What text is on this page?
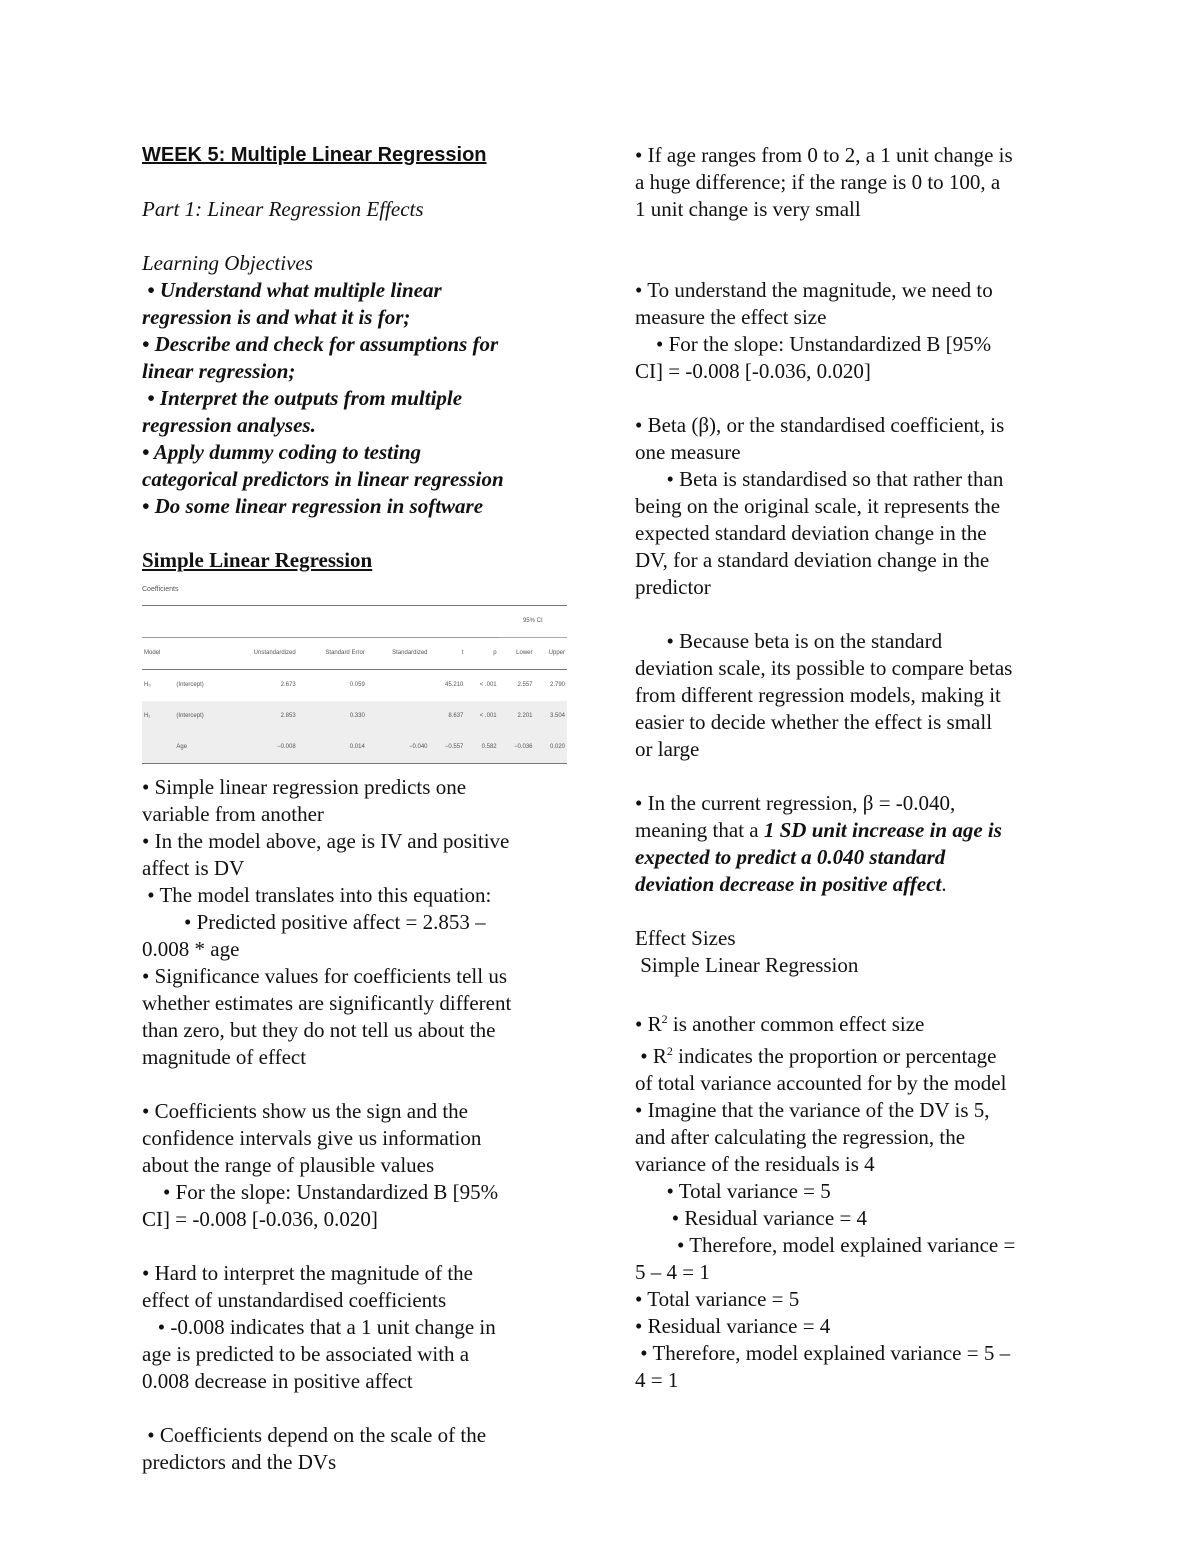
WEEK 5: Multiple Linear Regression
Part 1: Linear Regression Effects
Learning Objectives
• Understand what multiple linear
regression is and what it is for;
• Describe and check for assumptions for
linear regression;
• Interpret the outputs from multiple
regression analyses.
• Apply dummy coding to testing
categorical predictors in linear regression
• Do some linear regression in software
Simple Linear Regression
Coefficients
							95% CI	
Model		Unstandardized	Standard Error	Standardized	t	p	Lower	Upper
H₀	(Intercept)	2.673	0.059		45.210	< .001	2.557	2.790
H₁	(Intercept)	2.853	0.330		8.637	< .001	2.201	3.504
	Age	−0.008	0.014	−0.040	−0.557	0.582	−0.036	0.020
• Simple linear regression predicts one
variable from another
• In the model above, age is IV and positive
affect is DV
• The model translates into this equation:
• Predicted positive affect = 2.853 –
0.008 * age
• Significance values for coefficients tell us
whether estimates are significantly different
than zero, but they do not tell us about the
magnitude of effect
• Coefficients show us the sign and the
confidence intervals give us information
about the range of plausible values
• For the slope: Unstandardized B [95%
CI] = -0.008 [-0.036, 0.020]
• Hard to interpret the magnitude of the
effect of unstandardised coefficients
• -0.008 indicates that a 1 unit change in
age is predicted to be associated with a
0.008 decrease in positive affect
• Coefficients depend on the scale of the
predictors and the DVs
• If age ranges from 0 to 2, a 1 unit change is
a huge difference; if the range is 0 to 100, a
1 unit change is very small
• To understand the magnitude, we need to
measure the effect size
• For the slope: Unstandardized B [95%
CI] = -0.008 [-0.036, 0.020]
• Beta (β), or the standardised coefficient, is
one measure
• Beta is standardised so that rather than
being on the original scale, it represents the
expected standard deviation change in the
DV, for a standard deviation change in the
predictor
• Because beta is on the standard
deviation scale, its possible to compare betas
from different regression models, making it
easier to decide whether the effect is small
or large
• In the current regression, β = -0.040,
meaning that a 1 SD unit increase in age is
expected to predict a 0.040 standard
deviation decrease in positive affect.
Effect Sizes
Simple Linear Regression
• $R^2$ is another common effect size
• $R^2$ indicates the proportion or percentage
of total variance accounted for by the model
• Imagine that the variance of the DV is 5,
and after calculating the regression, the
variance of the residuals is 4
• Total variance = 5
• Residual variance = 4
• Therefore, model explained variance =
5 – 4 = 1
• Total variance = 5
• Residual variance = 4
• Therefore, model explained variance = 5 –
4 = 1
